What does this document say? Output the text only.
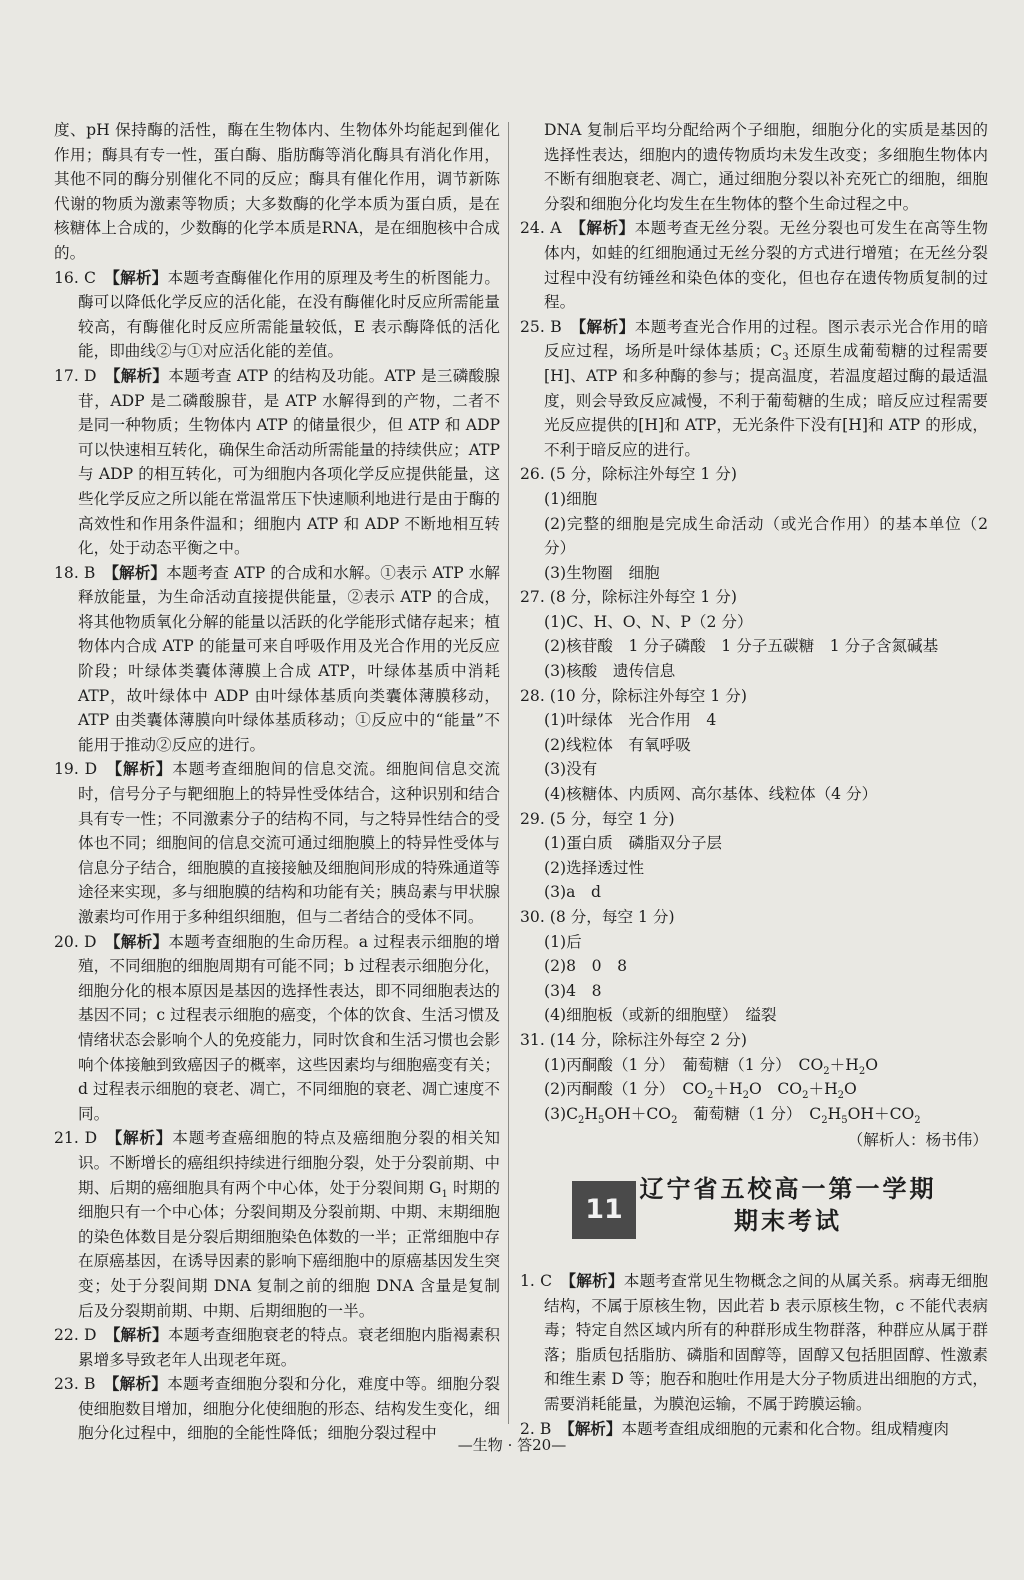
度、pH 保持酶的活性，酶在生物体内、生物体外均能起到催化作用；酶具有专一性，蛋白酶、脂肪酶等消化酶具有消化作用，其他不同的酶分别催化不同的反应；酶具有催化作用，调节新陈代谢的物质为激素等物质；大多数酶的化学本质为蛋白质，是在核糖体上合成的，少数酶的化学本质是RNA，是在细胞核中合成的。

16. C　 【解析】本题考查酶催化作用的原理及考生的析图能力。酶可以降低化学反应的活化能，在没有酶催化时反应所需能量较高，有酶催化时反应所需能量较低，E 表示酶降低的活化能，即曲线②与①对应活化能的差值。

17. D　 【解析】本题考查 ATP 的结构及功能。ATP 是三磷酸腺苷，ADP 是二磷酸腺苷，是 ATP 水解得到的产物，二者不是同一种物质；生物体内 ATP 的储量很少，但 ATP 和 ADP 可以快速相互转化，确保生命活动所需能量的持续供应；ATP 与 ADP 的相互转化，可为细胞内各项化学反应提供能量，这些化学反应之所以能在常温常压下快速顺利地进行是由于酶的高效性和作用条件温和；细胞内 ATP 和 ADP 不断地相互转化，处于动态平衡之中。

18. B　 【解析】本题考查 ATP 的合成和水解。①表示 ATP 水解释放能量，为生命活动直接提供能量，②表示 ATP 的合成，将其他物质氧化分解的能量以活跃的化学能形式储存起来；植物体内合成 ATP 的能量可来自呼吸作用及光合作用的光反应阶段；叶绿体类囊体薄膜上合成 ATP，叶绿体基质中消耗 ATP，故叶绿体中 ADP 由叶绿体基质向类囊体薄膜移动，ATP 由类囊体薄膜向叶绿体基质移动；①反应中的“能量”不能用于推动②反应的进行。

19. D　 【解析】本题考查细胞间的信息交流。细胞间信息交流时，信号分子与靶细胞上的特异性受体结合，这种识别和结合具有专一性；不同激素分子的结构不同，与之特异性结合的受体也不同；细胞间的信息交流可通过细胞膜上的特异性受体与信息分子结合，细胞膜的直接接触及细胞间形成的特殊通道等途径来实现，多与细胞膜的结构和功能有关；胰岛素与甲状腺激素均可作用于多种组织细胞，但与二者结合的受体不同。

20. D　 【解析】本题考查细胞的生命历程。a 过程表示细胞的增殖，不同细胞的细胞周期有可能不同；b 过程表示细胞分化，细胞分化的根本原因是基因的选择性表达，即不同细胞表达的基因不同；c 过程表示细胞的癌变，个体的饮食、生活习惯及情绪状态会影响个人的免疫能力，同时饮食和生活习惯也会影响个体接触到致癌因子的概率，这些因素均与细胞癌变有关；d 过程表示细胞的衰老、凋亡，不同细胞的衰老、凋亡速度不同。

21. D　 【解析】本题考查癌细胞的特点及癌细胞分裂的相关知识。不断增长的癌组织持续进行细胞分裂，处于分裂前期、中期、后期的癌细胞具有两个中心体，处于分裂间期 $G_1$ 时期的细胞只有一个中心体；分裂间期及分裂前期、中期、末期细胞的染色体数目是分裂后期细胞染色体数的一半；正常细胞中存在原癌基因，在诱导因素的影响下癌细胞中的原癌基因发生突变；处于分裂间期 DNA 复制之前的细胞 DNA 含量是复制后及分裂期前期、中期、后期细胞的一半。

22. D　 【解析】本题考查细胞衰老的特点。衰老细胞内脂褐素积累增多导致老年人出现老年斑。

23. B　 【解析】本题考查细胞分裂和分化，难度中等。细胞分裂使细胞数目增加，细胞分化使细胞的形态、结构发生变化，细胞分化过程中，细胞的全能性降低；细胞分裂过程中

DNA 复制后平均分配给两个子细胞，细胞分化的实质是基因的选择性表达，细胞内的遗传物质均未发生改变；多细胞生物体内不断有细胞衰老、凋亡，通过细胞分裂以补充死亡的细胞，细胞分裂和细胞分化均发生在生物体的整个生命过程之中。

24. A　 【解析】本题考查无丝分裂。无丝分裂也可发生在高等生物体内，如蛙的红细胞通过无丝分裂的方式进行增殖；在无丝分裂过程中没有纺锤丝和染色体的变化，但也存在遗传物质复制的过程。

25. B　 【解析】本题考查光合作用的过程。图示表示光合作用的暗反应过程，场所是叶绿体基质；$C_3$ 还原生成葡萄糖的过程需要[H]、ATP 和多种酶的参与；提高温度，若温度超过酶的最适温度，则会导致反应减慢，不利于葡萄糖的生成；暗反应过程需要光反应提供的[H]和 ATP，无光条件下没有[H]和 ATP 的形成，不利于暗反应的进行。

26. (5 分，除标注外每空 1 分)

(1)细胞

(2)完整的细胞是完成生命活动（或光合作用）的基本单位（2 分）

(3)生物圈　细胞

27. (8 分，除标注外每空 1 分)

(1)C、H、O、N、P（2 分）

(2)核苷酸　1 分子磷酸　1 分子五碳糖　1 分子含氮碱基

(3)核酸　遗传信息

28. (10 分，除标注外每空 1 分)

(1)叶绿体　光合作用　4

(2)线粒体　有氧呼吸

(3)没有

(4)核糖体、内质网、高尔基体、线粒体（4 分）

29. (5 分，每空 1 分)

(1)蛋白质　磷脂双分子层

(2)选择透过性

(3)a　d

30. (8 分，每空 1 分)

(1)后

(2)8　0　8

(3)4　8

(4)细胞板（或新的细胞壁）　缢裂

31. (14 分，除标注外每空 2 分)

(1)丙酮酸（1 分）　葡萄糖（1 分）　$CO_2+H_2O$

(2)丙酮酸（1 分）　$CO_2+H_2O$　$CO_2+H_2O$

$(3)C_2H_5OH+CO_2$　葡萄糖（1 分）　$C_2H_5OH+CO_2$

（解析人：杨书伟）

11
辽宁省五校高一第一学期
期末考试

1. C　 【解析】本题考查常见生物概念之间的从属关系。病毒无细胞结构，不属于原核生物，因此若 b 表示原核生物，c 不能代表病毒；特定自然区域内所有的种群形成生物群落，种群应从属于群落；脂质包括脂肪、磷脂和固醇等，固醇又包括胆固醇、性激素和维生素 D 等；胞吞和胞吐作用是大分子物质进出细胞的方式，需要消耗能量，为膜泡运输，不属于跨膜运输。

2. B　 【解析】本题考查组成细胞的元素和化合物。组成精瘦肉

—生物 · 答20—
